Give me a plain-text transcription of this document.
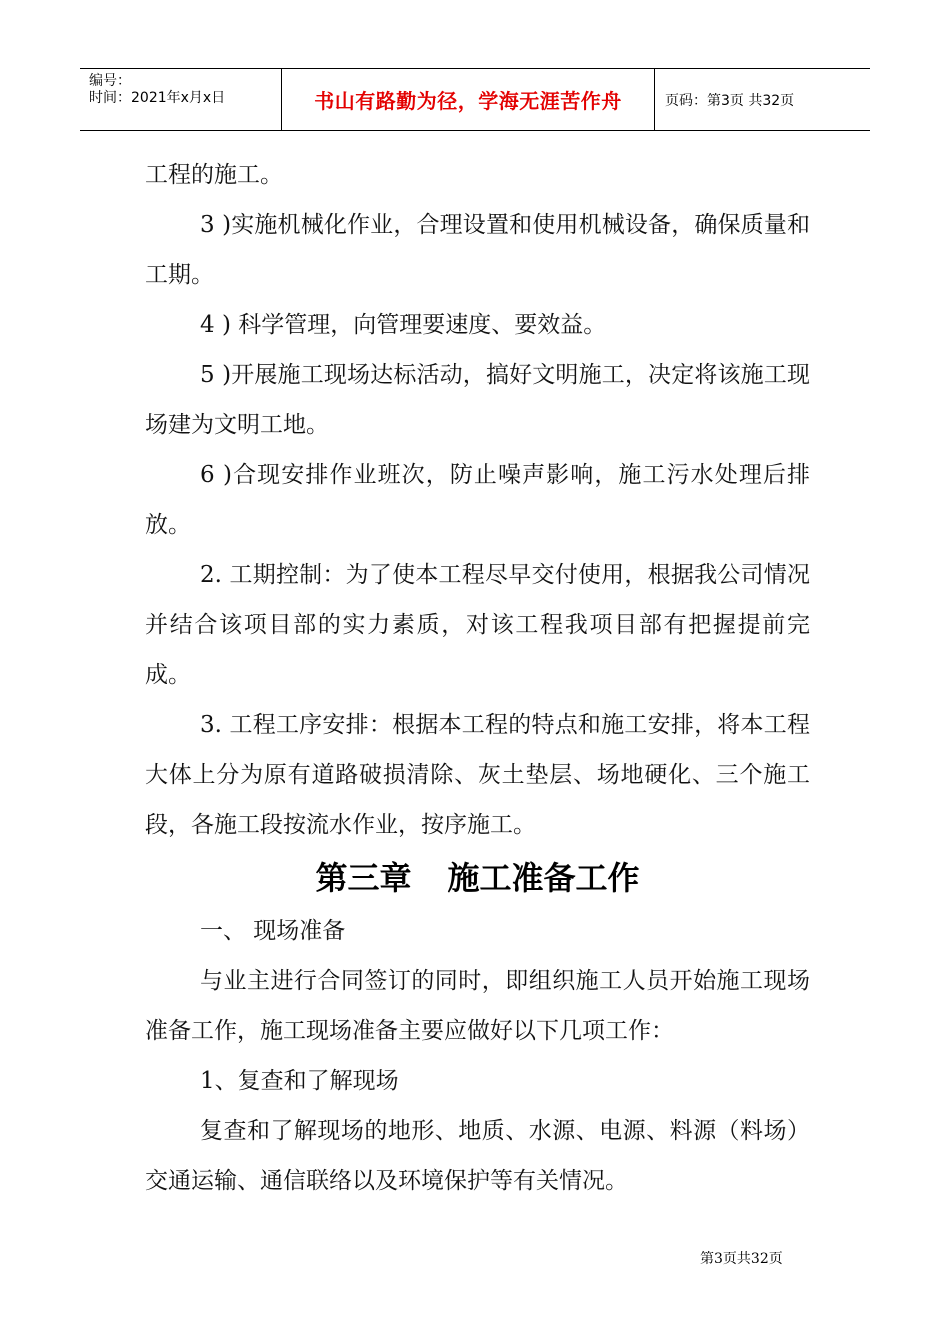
编号：
时间：2021年x月x日	书山有路勤为径，学海无涯苦作舟	页码：第3页 共32页

工程的施工。

3 )实施机械化作业，合理设置和使用机械设备，确保质量和工期。

4 ) 科学管理，向管理要速度、要效益。

5 )开展施工现场达标活动，搞好文明施工，决定将该施工现场建为文明工地。

6 )合现安排作业班次，防止噪声影响，施工污水处理后排放。

2. 工期控制：为了使本工程尽早交付使用，根据我公司情况并结合该项目部的实力素质，对该工程我项目部有把握提前完成。

3. 工程工序安排：根据本工程的特点和施工安排，将本工程大体上分为原有道路破损清除、灰土垫层、场地硬化、三个施工段，各施工段按流水作业，按序施工。

第三章 施工准备工作

一、 现场准备

与业主进行合同签订的同时，即组织施工人员开始施工现场准备工作，施工现场准备主要应做好以下几项工作：

1、复查和了解现场

复查和了解现场的地形、地质、水源、电源、料源（料场）交通运输、通信联络以及环境保护等有关情况。

第3页共32页
